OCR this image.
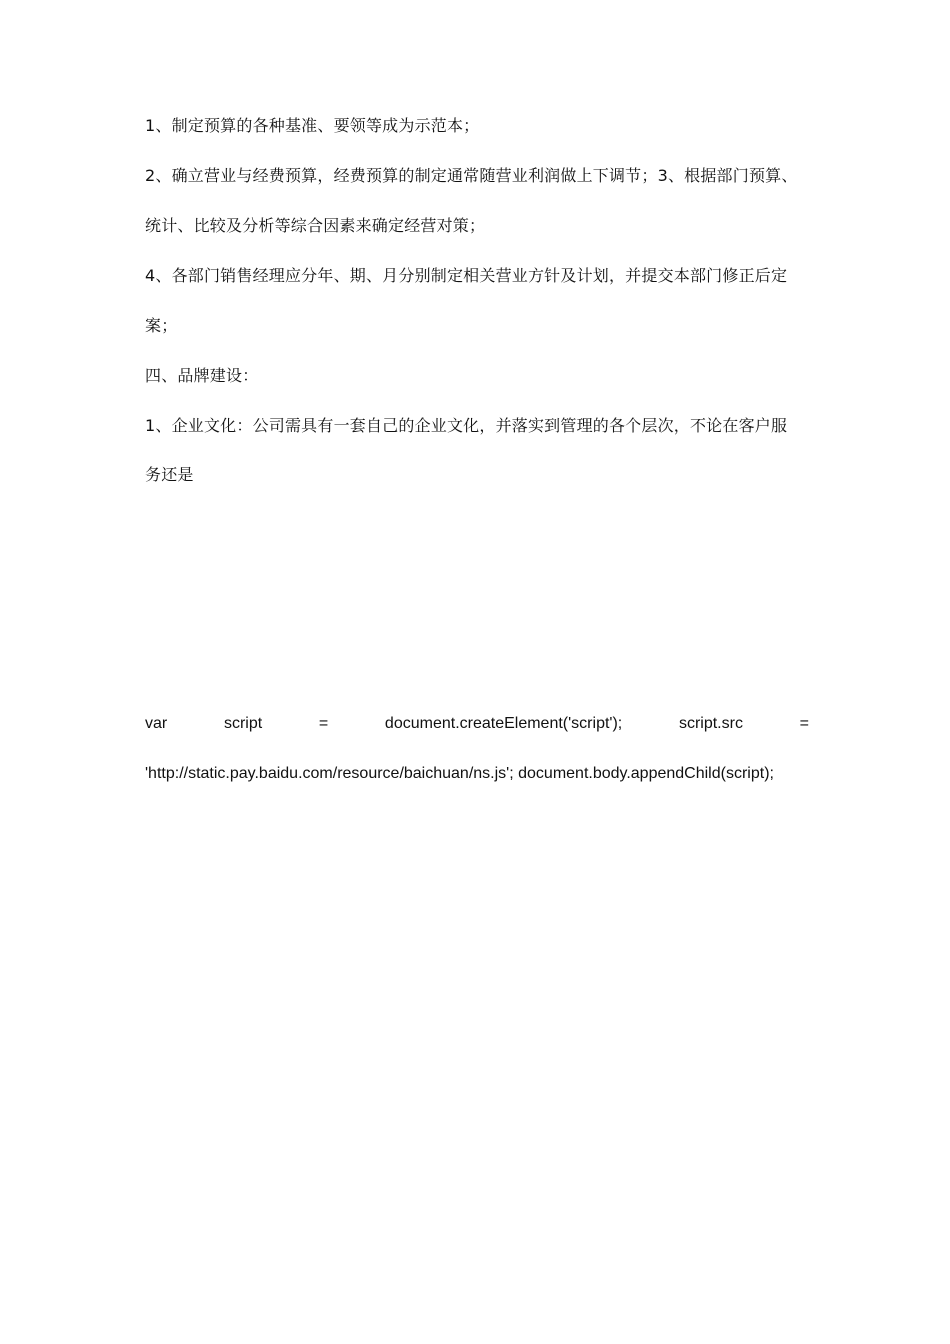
1、制定预算的各种基准、要领等成为示范本；
2、确立营业与经费预算，经费预算的制定通常随营业利润做上下调节；3、根据部门预算、
统计、比较及分析等综合因素来确定经营对策；
4、各部门销售经理应分年、期、月分别制定相关营业方针及计划，并提交本部门修正后定
案；
四、品牌建设：
1、企业文化：公司需具有一套自己的企业文化，并落实到管理的各个层次，不论在客户服
务还是
var	script	=	document.createElement('script');	script.src	=
'http://static.pay.baidu.com/resource/baichuan/ns.js'; document.body.appendChild(script);
